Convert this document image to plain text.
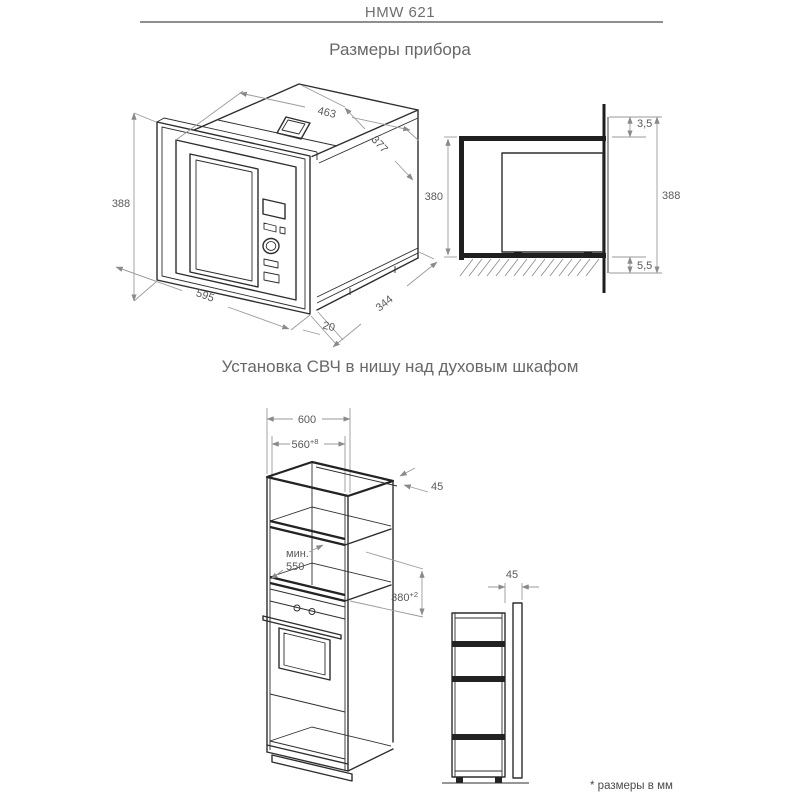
HMW 621
Размеры прибора
463
377
388
595
20
344
3,5
388
5,5
380
Установка СВЧ в нишу над духовым шкафом
600
$560^{+8}$
мин.
550
45
$380^{+2}$
45
* размеры в мм
